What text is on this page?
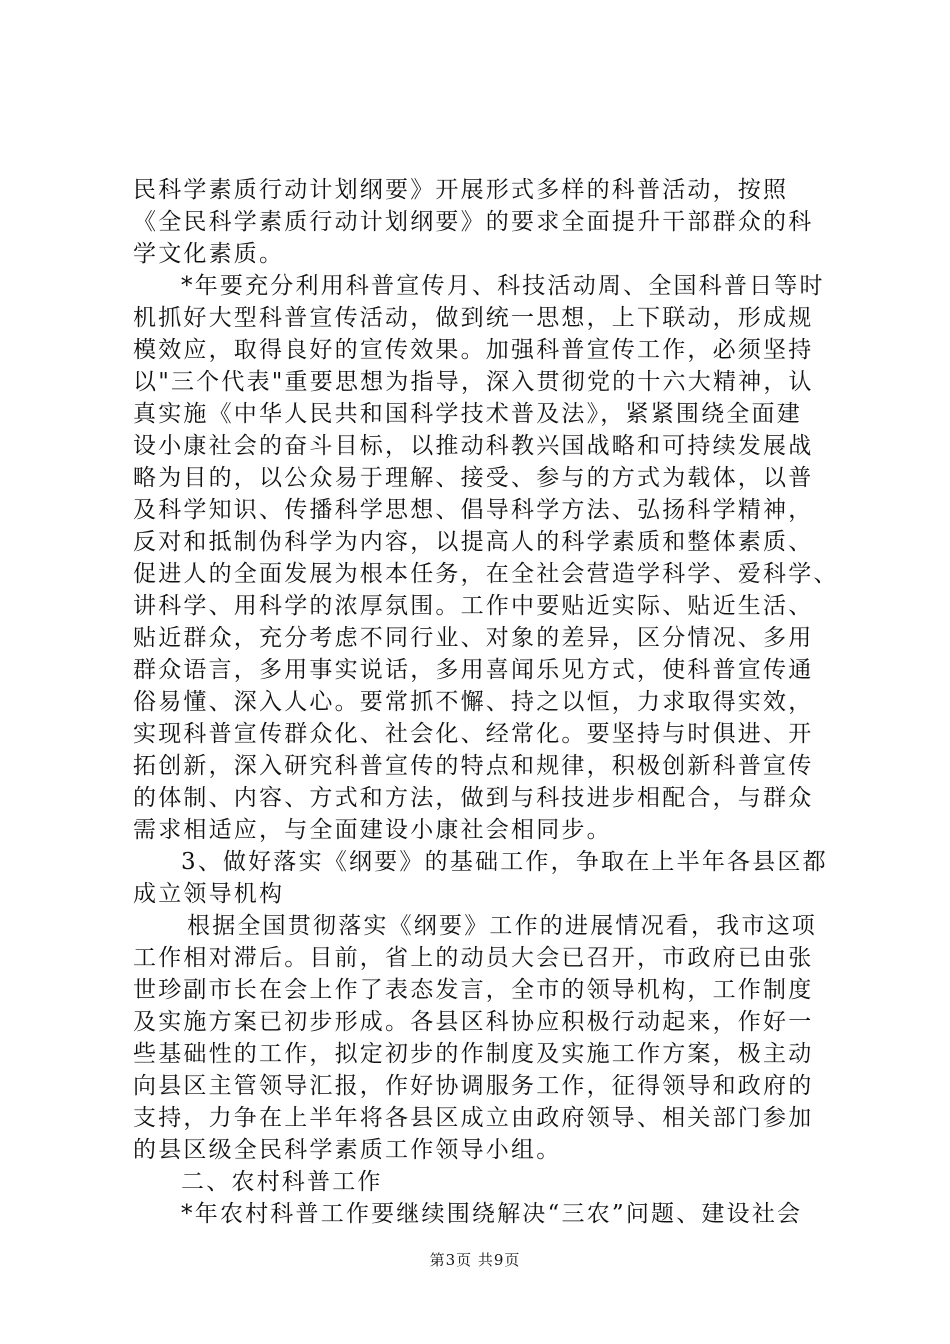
民科学素质行动计划纲要》开展形式多样的科普活动，按照
《全民科学素质行动计划纲要》的要求全面提升干部群众的科
学文化素质。
*年要充分利用科普宣传月、科技活动周、全国科普日等时
机抓好大型科普宣传活动，做到统一思想，上下联动，形成规
模效应，取得良好的宣传效果。加强科普宣传工作，必须坚持
以"三个代表"重要思想为指导，深入贯彻党的十六大精神，认
真实施《中华人民共和国科学技术普及法》，紧紧围绕全面建
设小康社会的奋斗目标，以推动科教兴国战略和可持续发展战
略为目的，以公众易于理解、接受、参与的方式为载体，以普
及科学知识、传播科学思想、倡导科学方法、弘扬科学精神，
反对和抵制伪科学为内容，以提高人的科学素质和整体素质、
促进人的全面发展为根本任务，在全社会营造学科学、爱科学、
讲科学、用科学的浓厚氛围。工作中要贴近实际、贴近生活、
贴近群众，充分考虑不同行业、对象的差异，区分情况、多用
群众语言，多用事实说话，多用喜闻乐见方式，使科普宣传通
俗易懂、深入人心。要常抓不懈、持之以恒，力求取得实效，
实现科普宣传群众化、社会化、经常化。要坚持与时俱进、开
拓创新，深入研究科普宣传的特点和规律，积极创新科普宣传
的体制、内容、方式和方法，做到与科技进步相配合，与群众
需求相适应，与全面建设小康社会相同步。
3、做好落实《纲要》的基础工作，争取在上半年各县区都
成立领导机构
根据全国贯彻落实《纲要》工作的进展情况看，我市这项
工作相对滞后。目前，省上的动员大会已召开，市政府已由张
世珍副市长在会上作了表态发言，全市的领导机构，工作制度
及实施方案已初步形成。各县区科协应积极行动起来，作好一
些基础性的工作，拟定初步的作制度及实施工作方案，极主动
向县区主管领导汇报，作好协调服务工作，征得领导和政府的
支持，力争在上半年将各县区成立由政府领导、相关部门参加
的县区级全民科学素质工作领导小组。
二、农村科普工作
*年农村科普工作要继续围绕解决“三农”问题、建设社会
第3页 共9页
